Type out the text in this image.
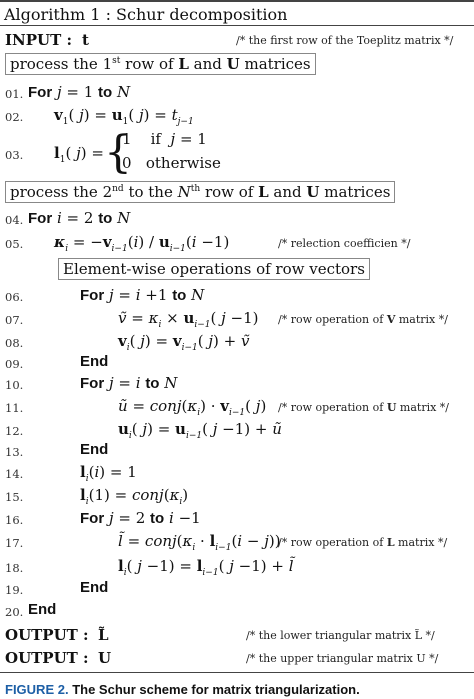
Algorithm 1 : Schur decomposition
INPUT : t	/* the first row of the Toeplitz matrix */
process the 1st row of L and U matrices
01. For j = 1 to N
02. $v_1$( $j) = u_1$( $j) = t_{j-1}$
03. $l_1$( j) = {
1    if  j = 1
0   otherwise
process the 2nd to the $N^{th}$ row of L and U matrices
04. For i = 2 to N
05. $\kappa_i = -v_{i-1}(i) / u_{i-1}(i -1)$	/* relection coefficien */
Element-wise operations of row vectors
06.	For j = i +1 to N
07.	ṽ = $\kappa_i \times u_{i-1}$( j −1) /* row operation of V matrix */
08.	$v_i$( $j) = v_{i-1}$( j) + ṽ
09.	End
10.	For j = i to N
11.	ũ = $conj(\kappa_i) \cdot v_{i-1}$( j) /* row operation of U matrix */
12.	$u_i$( $j) = u_{i-1}$( j −1) + ũ
13.	End
14.	$l_i(i) = 1$
15.	$l_i(1)$ = $conj(\kappa_i)$
16.	For j = 2 to i −1
17.	l̃ = $conj(\kappa_i \cdot l_{i-1}(i - j))$
/* row operation of L matrix */
18.	$l_i$( $j -1) = l_{i-1}$( j −1) + l̃
19.	End
20. End
OUTPUT : L̃	/* the lower triangular matrix L̃ */
OUTPUT : U	/* the upper triangular matrix U */
FIGURE 2. The Schur scheme for matrix triangularization.
